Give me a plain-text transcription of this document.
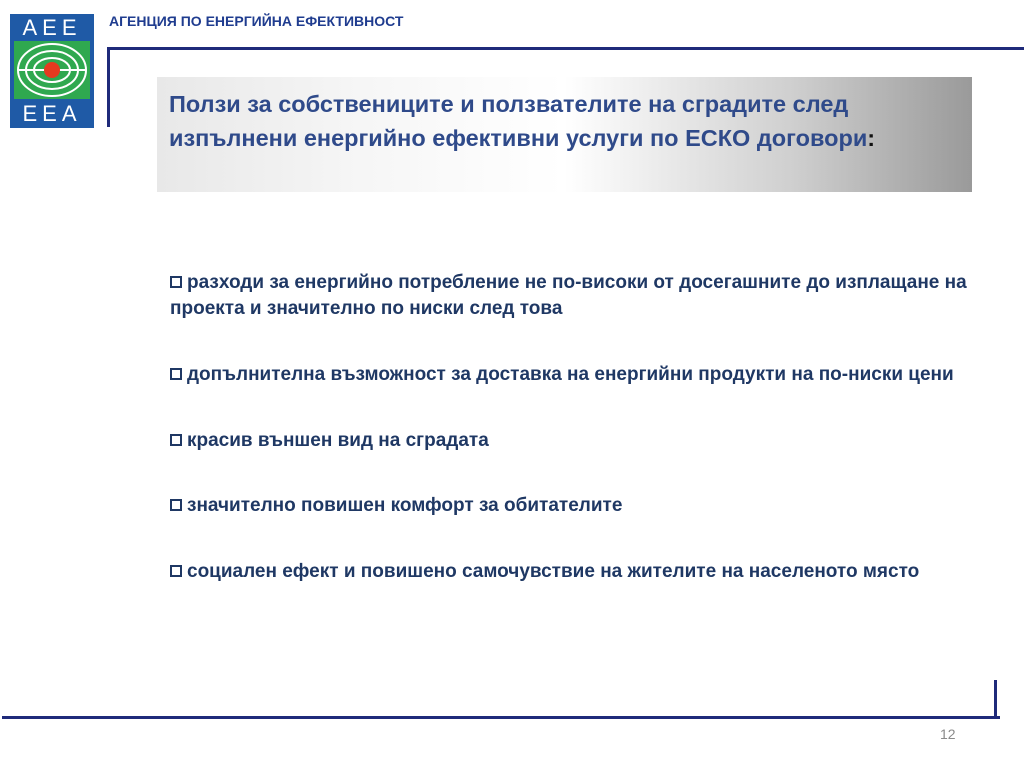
AEE
EEA
АГЕНЦИЯ ПО ЕНЕРГИЙНА ЕФЕКТИВНОСТ
Ползи за собствениците и ползвателите на сградите след изпълнени енергийно ефективни услуги по ЕСКО договори:
разходи за енергийно потребление не по-високи от досегашните до изплащане на проекта и значително по ниски след това
допълнителна възможност за доставка на енергийни продукти на по-ниски цени
красив външен вид на сградата
значително повишен комфорт за обитателите
социален ефект и повишено самочувствие на жителите на населеното място
12
